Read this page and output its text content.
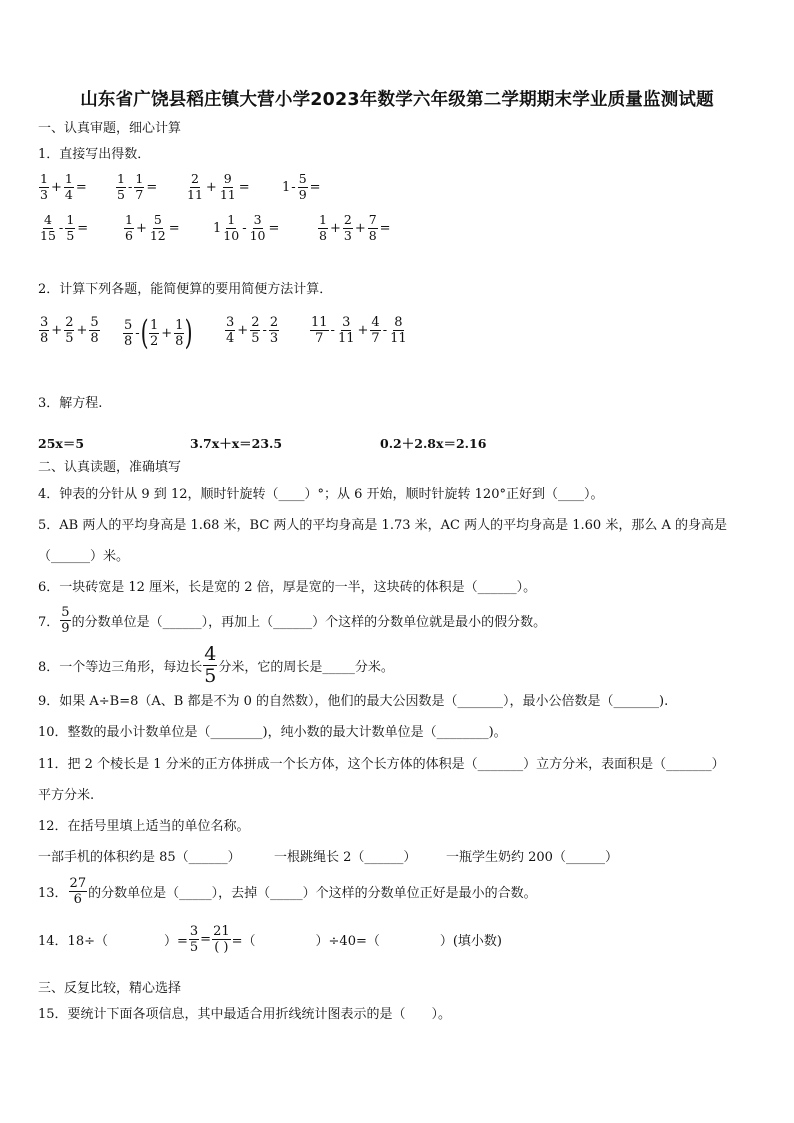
山东省广饶县稻庄镇大营小学2023年数学六年级第二学期期末学业质量监测试题
一、认真审题，细心计算
1．直接写出得数．
$\frac{1}{3} + \frac{1}{4} = \frac{1}{5} - \frac{1}{7} = \frac{2}{11} + \frac{9}{11} = 1 - \frac{5}{9}$ =
$\frac{4}{15} - \frac{1}{5}$ =	$\frac{1}{6} + \frac{5}{12}$ =	$1 \frac{1}{10} - \frac{3}{10}$ =	$\frac{1}{8} + \frac{2}{3} + \frac{7}{8}$ =
2．计算下列各题，能简便算的要用简便方法计算．
$\frac{3}{8} + \frac{2}{5} + \frac{5}{8} \frac{5}{8}$ - ( $\frac{1}{2} + \frac{1}{8}$ ) $\frac{3}{4} + \frac{2}{5} - \frac{2}{3} \frac{11}{7} - \frac{3}{11} + \frac{4}{7} - \frac{8}{11}$
3．解方程.
25x＝5	3.7x＋x＝23.5	0.2＋2.8x＝2.16
二、认真读题，准确填写
4．钟表的分针从 9 到 12，顺时针旋转（____）°；从 6 开始，顺时针旋转 120°正好到（____）。
5．AB 两人的平均身高是 1.68 米，BC 两人的平均身高是 1.73 米，AC 两人的平均身高是 1.60 米，那么 A 的身高是
（______）米。
6．一块砖宽是 12 厘米，长是宽的 2 倍，厚是宽的一半，这块砖的体积是（______）。
7． $\frac{5}{9}$ 的分数单位是（______），再加上（______）个这样的分数单位就是最小的假分数。
8．一个等边三角形，每边长 $\frac{4}{5}$ 分米，它的周长是_____分米。
9．如果 A÷B=8（A、B 都是不为 0 的自然数），他们的最大公因数是（_______），最小公倍数是（_______).
10．整数的最小计数单位是（________)，纯小数的最大计数单位是（________)。
11．把 2 个棱长是 1 分米的正方体拼成一个长方体，这个长方体的体积是（_______）立方分米，表面积是（_______）
平方分米.
12．在括号里填上适当的单位名称。
一部手机的体积约是 85（______）	一根跳绳长 2（______） 一瓶学生奶约 200（______）
13． $\frac{27}{6}$ 的分数单位是（_____），去掉（_____）个这样的分数单位正好是最小的合数。
14．18÷（	）= $\frac{3}{5} = \frac{21}{( )}$ =（	）÷40=（	）(填小数)
三、反复比较，精心选择
15．要统计下面各项信息，其中最适合用折线统计图表示的是（　　）。
